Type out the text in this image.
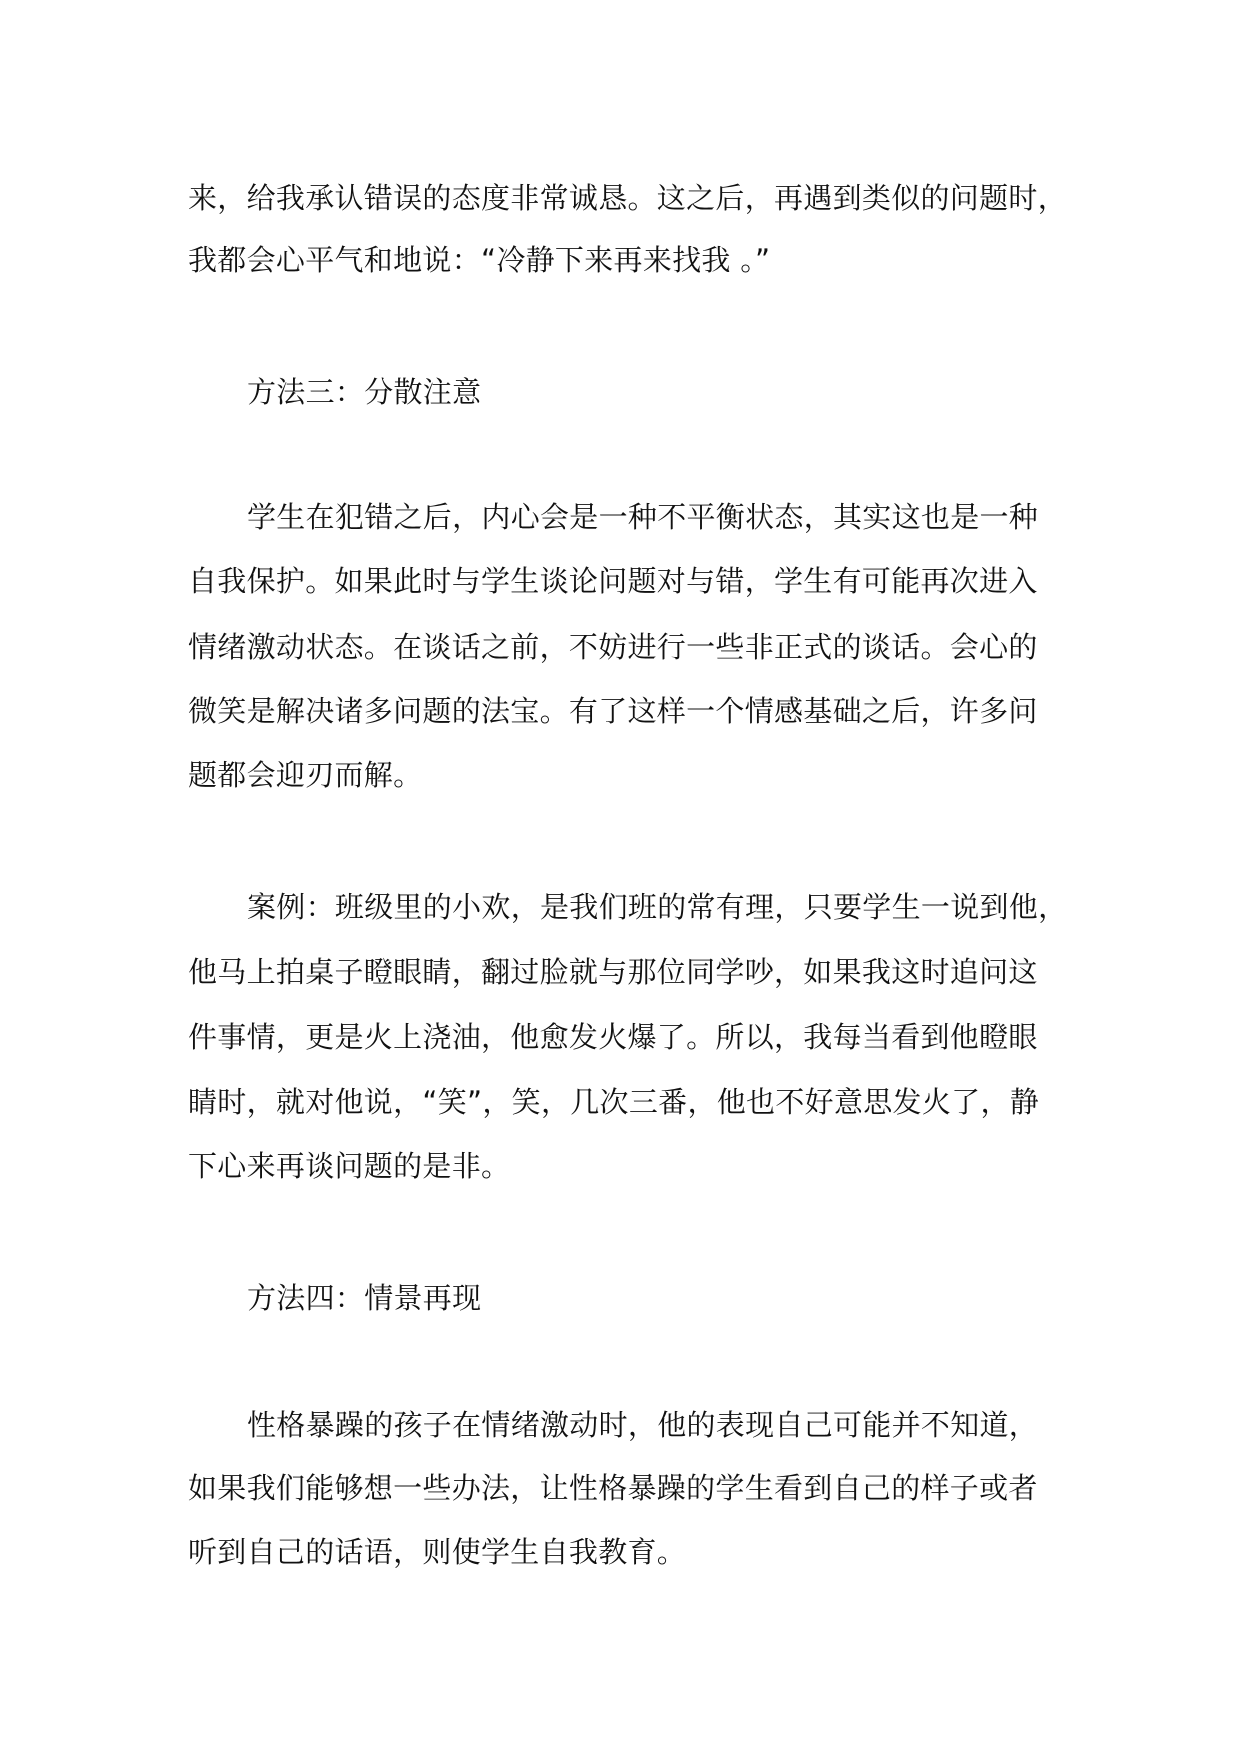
来，给我承认错误的态度非常诚恳。这之后，再遇到类似的问题时，
我都会心平气和地说：“冷静下来再来找我 。”
方法三：分散注意
学生在犯错之后，内心会是一种不平衡状态，其实这也是一种
自我保护。如果此时与学生谈论问题对与错，学生有可能再次进入
情绪激动状态。在谈话之前，不妨进行一些非正式的谈话。会心的
微笑是解决诸多问题的法宝。有了这样一个情感基础之后，许多问
题都会迎刃而解。
案例：班级里的小欢，是我们班的常有理，只要学生一说到他，
他马上拍桌子瞪眼睛，翻过脸就与那位同学吵，如果我这时追问这
件事情，更是火上浇油，他愈发火爆了。所以，我每当看到他瞪眼
睛时，就对他说，“笑”，笑，几次三番，他也不好意思发火了，静
下心来再谈问题的是非。
方法四：情景再现
性格暴躁的孩子在情绪激动时，他的表现自己可能并不知道，
如果我们能够想一些办法，让性格暴躁的学生看到自己的样子或者
听到自己的话语，则使学生自我教育。
